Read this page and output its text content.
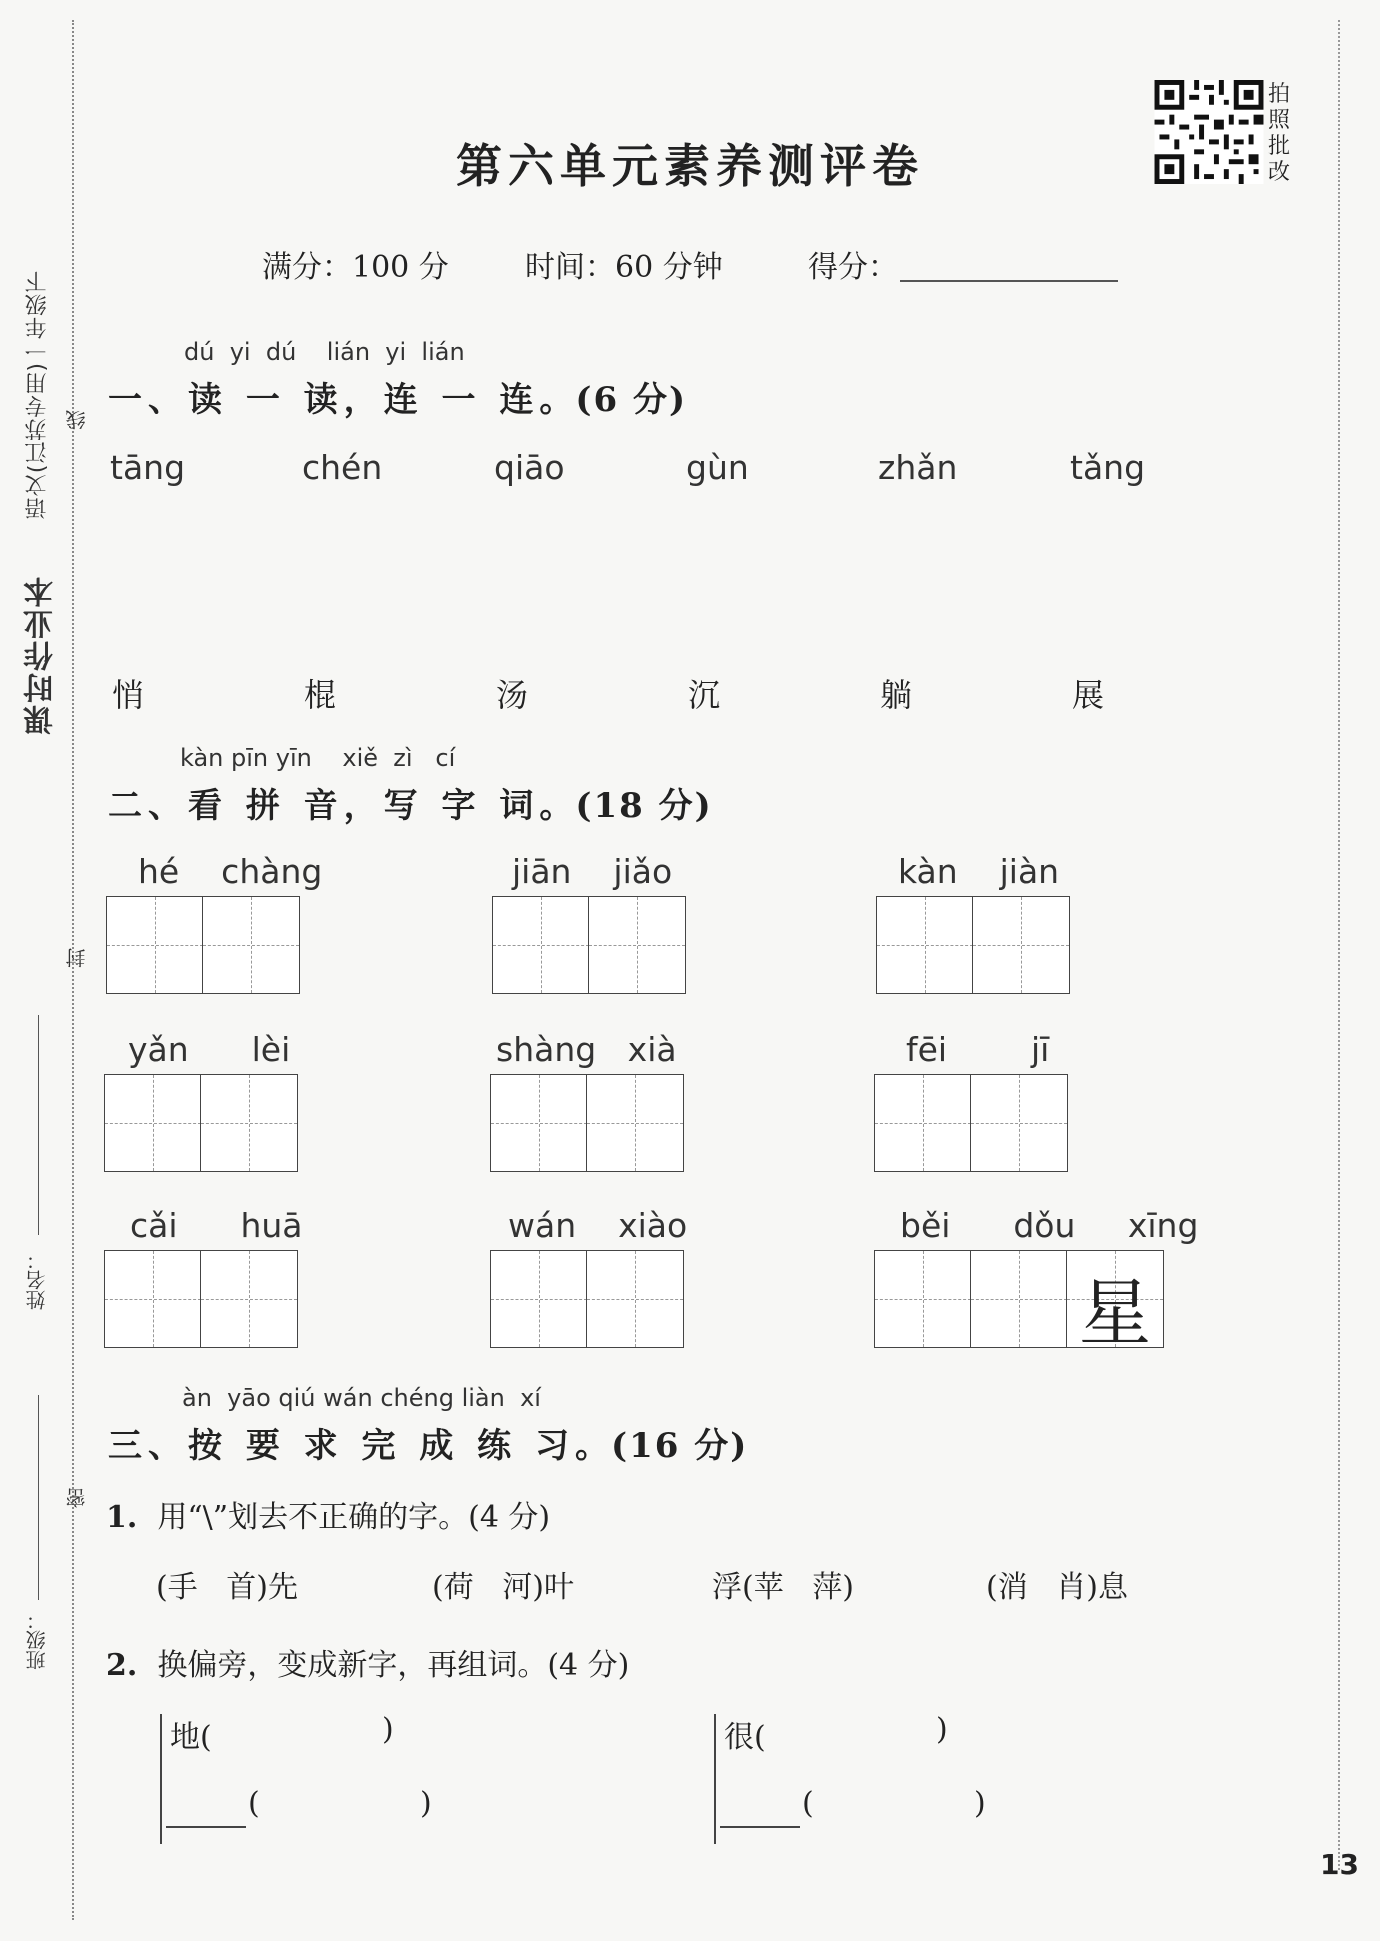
课时作业本
语文(江苏专用)一年级下 线
封
密
姓名：
班级：
第六单元素养测评卷
拍
照
批
改
满分：100 分	时间：60 分钟	得分：
dú  yi  dú    lián  yi  lián
一、读 一 读，连 一 连。(6 分)
tāng	chén	qiāo	gùn	zhǎn	tǎng
悄	棍	汤	沉	躺	展
kàn pīn yīn    xiě  zì   cí
二、看 拼 音，写 字 词。(18 分)
hé    chàng	jiān    jiǎo	kàn    jiàn
yǎn      lèi	shàng   xià	fēi        jī
cǎi      huā	wán    xiào	běi      dǒu     xīng
星
àn  yāo qiú wán chéng liàn  xí
三、按 要 求 完 成 练 习。(16 分)
1. 用“\”划去不正确的字。(4 分)
(手   首)先	(荷   河)叶	浮(苹   萍)	(消   肖)息
2. 换偏旁，变成新字，再组词。(4 分)
地(	)
(	)
很(	)
(	)
13
